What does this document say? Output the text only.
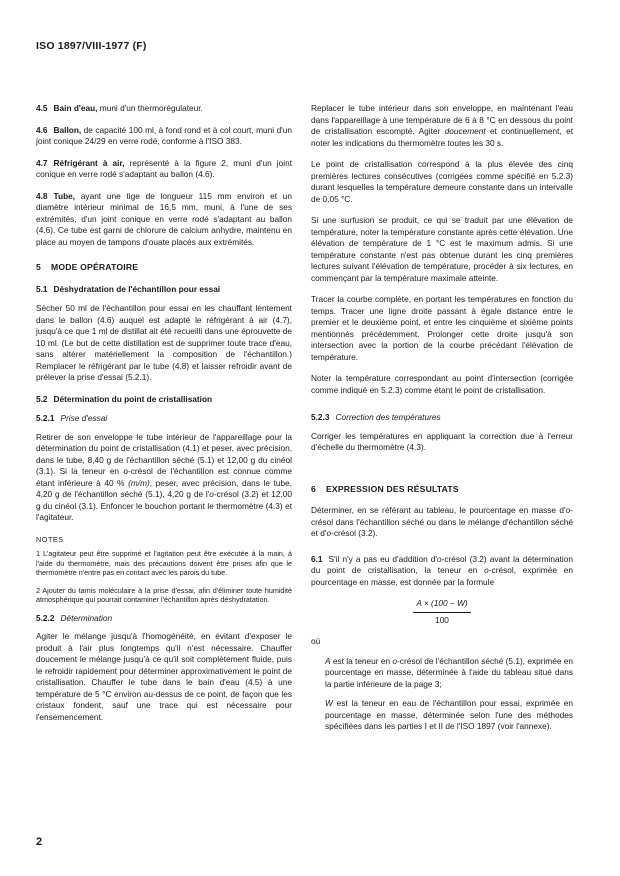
ISO 1897/VIII-1977 (F)

4.5 Bain d'eau, muni d'un thermorégulateur.

4.6 Ballon, de capacité 100 ml, à fond rond et à col court, muni d'un joint conique 24/29 en verre rodé, conforme à l'ISO 383.

4.7 Réfrigérant à air, représenté à la figure 2, muni d'un joint conique en verre rodé s'adaptant au ballon (4.6).

4.8 Tube, ayant une tige de longueur 115 mm environ et un diamètre intérieur minimal de 16,5 mm, muni, à l'une de ses extrémités, d'un joint conique en verre rodé s'adaptant au ballon (4.6). Ce tube est garni de chlorure de calcium anhydre, maintenu en place au moyen de tampons d'ouate placés aux extrémités.

5 MODE OPÉRATOIRE
5.1 Déshydratation de l'échantillon pour essai

Sécher 50 ml de l'échantillon pour essai en les chauffant lentement dans le ballon (4.6) auquel est adapté le réfrigérant à air (4.7), jusqu'à ce que 1 ml de distillat ait été recueilli dans une éprouvette de 10 ml. (Le but de cette distillation est de supprimer toute trace d'eau, sans altérer matériellement la composition de l'échantillon.) Remplacer le réfrigérant par le tube (4.8) et laisser refroidir avant de prélever la prise d'essai (5.2.1).

5.2 Détermination du point de cristallisation
5.2.1 Prise d'essai

Retirer de son enveloppe le tube intérieur de l'appareillage pour la détermination du point de cristallisation (4.1) et peser, avec précision, dans le tube, 8,40 g de l'échantillon séché (5.1) et 12,00 g du cinéol (3.1). Si la teneur en o-crésol de l'échantillon est connue comme étant inférieure à 40 % (m/m), peser, avec précision, dans le tube, 4,20 g de l'échantillon séché (5.1), 4,20 g de l'o-crésol (3.2) et 12,00 g du cinéol (3.1). Enfoncer le bouchon portant le thermomètre (4.3) et l'agitateur.

NOTES

1 L'agitateur peut être supprimé et l'agitation peut être exécutée à la main, à l'aide du thermomètre, mais des précautions doivent être prises afin que le thermomètre n'entre pas en contact avec les parois du tube.

2 Ajouter du tamis moléculaire à la prise d'essai, afin d'éliminer toute humidité atmosphérique qui pourrait contaminer l'échantillon après déshydratation.

5.2.2 Détermination

Agiter le mélange jusqu'à l'homogénéité, en évitant d'exposer le produit à l'air plus longtemps qu'il n'est nécessaire. Chauffer doucement le mélange jusqu'à ce qu'il soit complètement fluide, puis le refroidir rapidement pour déterminer approximativement le point de cristallisation. Chauffer le tube dans le bain d'eau (4.5) à une température de 5 °C environ au-dessus de ce point, de façon que les cristaux fondent, sauf une trace qui est nécessaire pour l'ensemencement.

Replacer le tube intérieur dans son enveloppe, en maintenant l'eau dans l'appareillage à une température de 6 à 8 °C en dessous du point de cristallisation escompté. Agiter doucement et continuellement, et noter les indications du thermomètre toutes les 30 s.

Le point de cristallisation correspond à la plus élevée des cinq premières lectures consécutives (corrigées comme spécifié en 5.2.3) durant lesquelles la température demeure constante dans un intervalle de 0,05 °C.

Si une surfusion se produit, ce qui se traduit par une élévation de température, noter la température constante après cette élévation. Une élévation de température de 1 °C est le maximum admis. Si une température constante n'est pas obtenue durant les cinq premières lectures suivant l'élévation de température, procéder à six lectures, en commençant par la température maximale atteinte.

Tracer la courbe complète, en portant les températures en fonction du temps. Tracer une ligne droite passant à égale distance entre le premier et le deuxième point, et entre les cinquième et sixième points mentionnés précédemment. Prolonger cette droite jusqu'à son intersection avec la portion de la courbe précédant l'élévation de température.

Noter la température correspondant au point d'intersection (corrigée comme indiqué en 5.2.3) comme étant le point de cristallisation.

5.2.3 Correction des températures

Corriger les températures en appliquant la correction due à l'erreur d'échelle du thermomètre (4.3).

6 EXPRESSION DES RÉSULTATS

Déterminer, en se référant au tableau, le pourcentage en masse d'o-crésol dans l'échantillon séché ou dans le mélange d'échantillon séché et d'o-crésol (3.2).

6.1 S'il n'y a pas eu d'addition d'o-crésol (3.2) avant la détermination du point de cristallisation, la teneur en o-crésol, exprimée en pourcentage en masse, est donnée par la formule

$\frac{A \times (100 - W)}{100}$
où

A est la teneur en o-crésol de l'échantillon séché (5.1), exprimée en pourcentage en masse, déterminée à l'aide du tableau situé dans la partie inférieure de la page 3;

W est la teneur en eau de l'échantillon pour essai, exprimée en pourcentage en masse, déterminée selon l'une des méthodes spécifiées dans les parties I et II de l'ISO 1897 (voir l'annexe).

2
